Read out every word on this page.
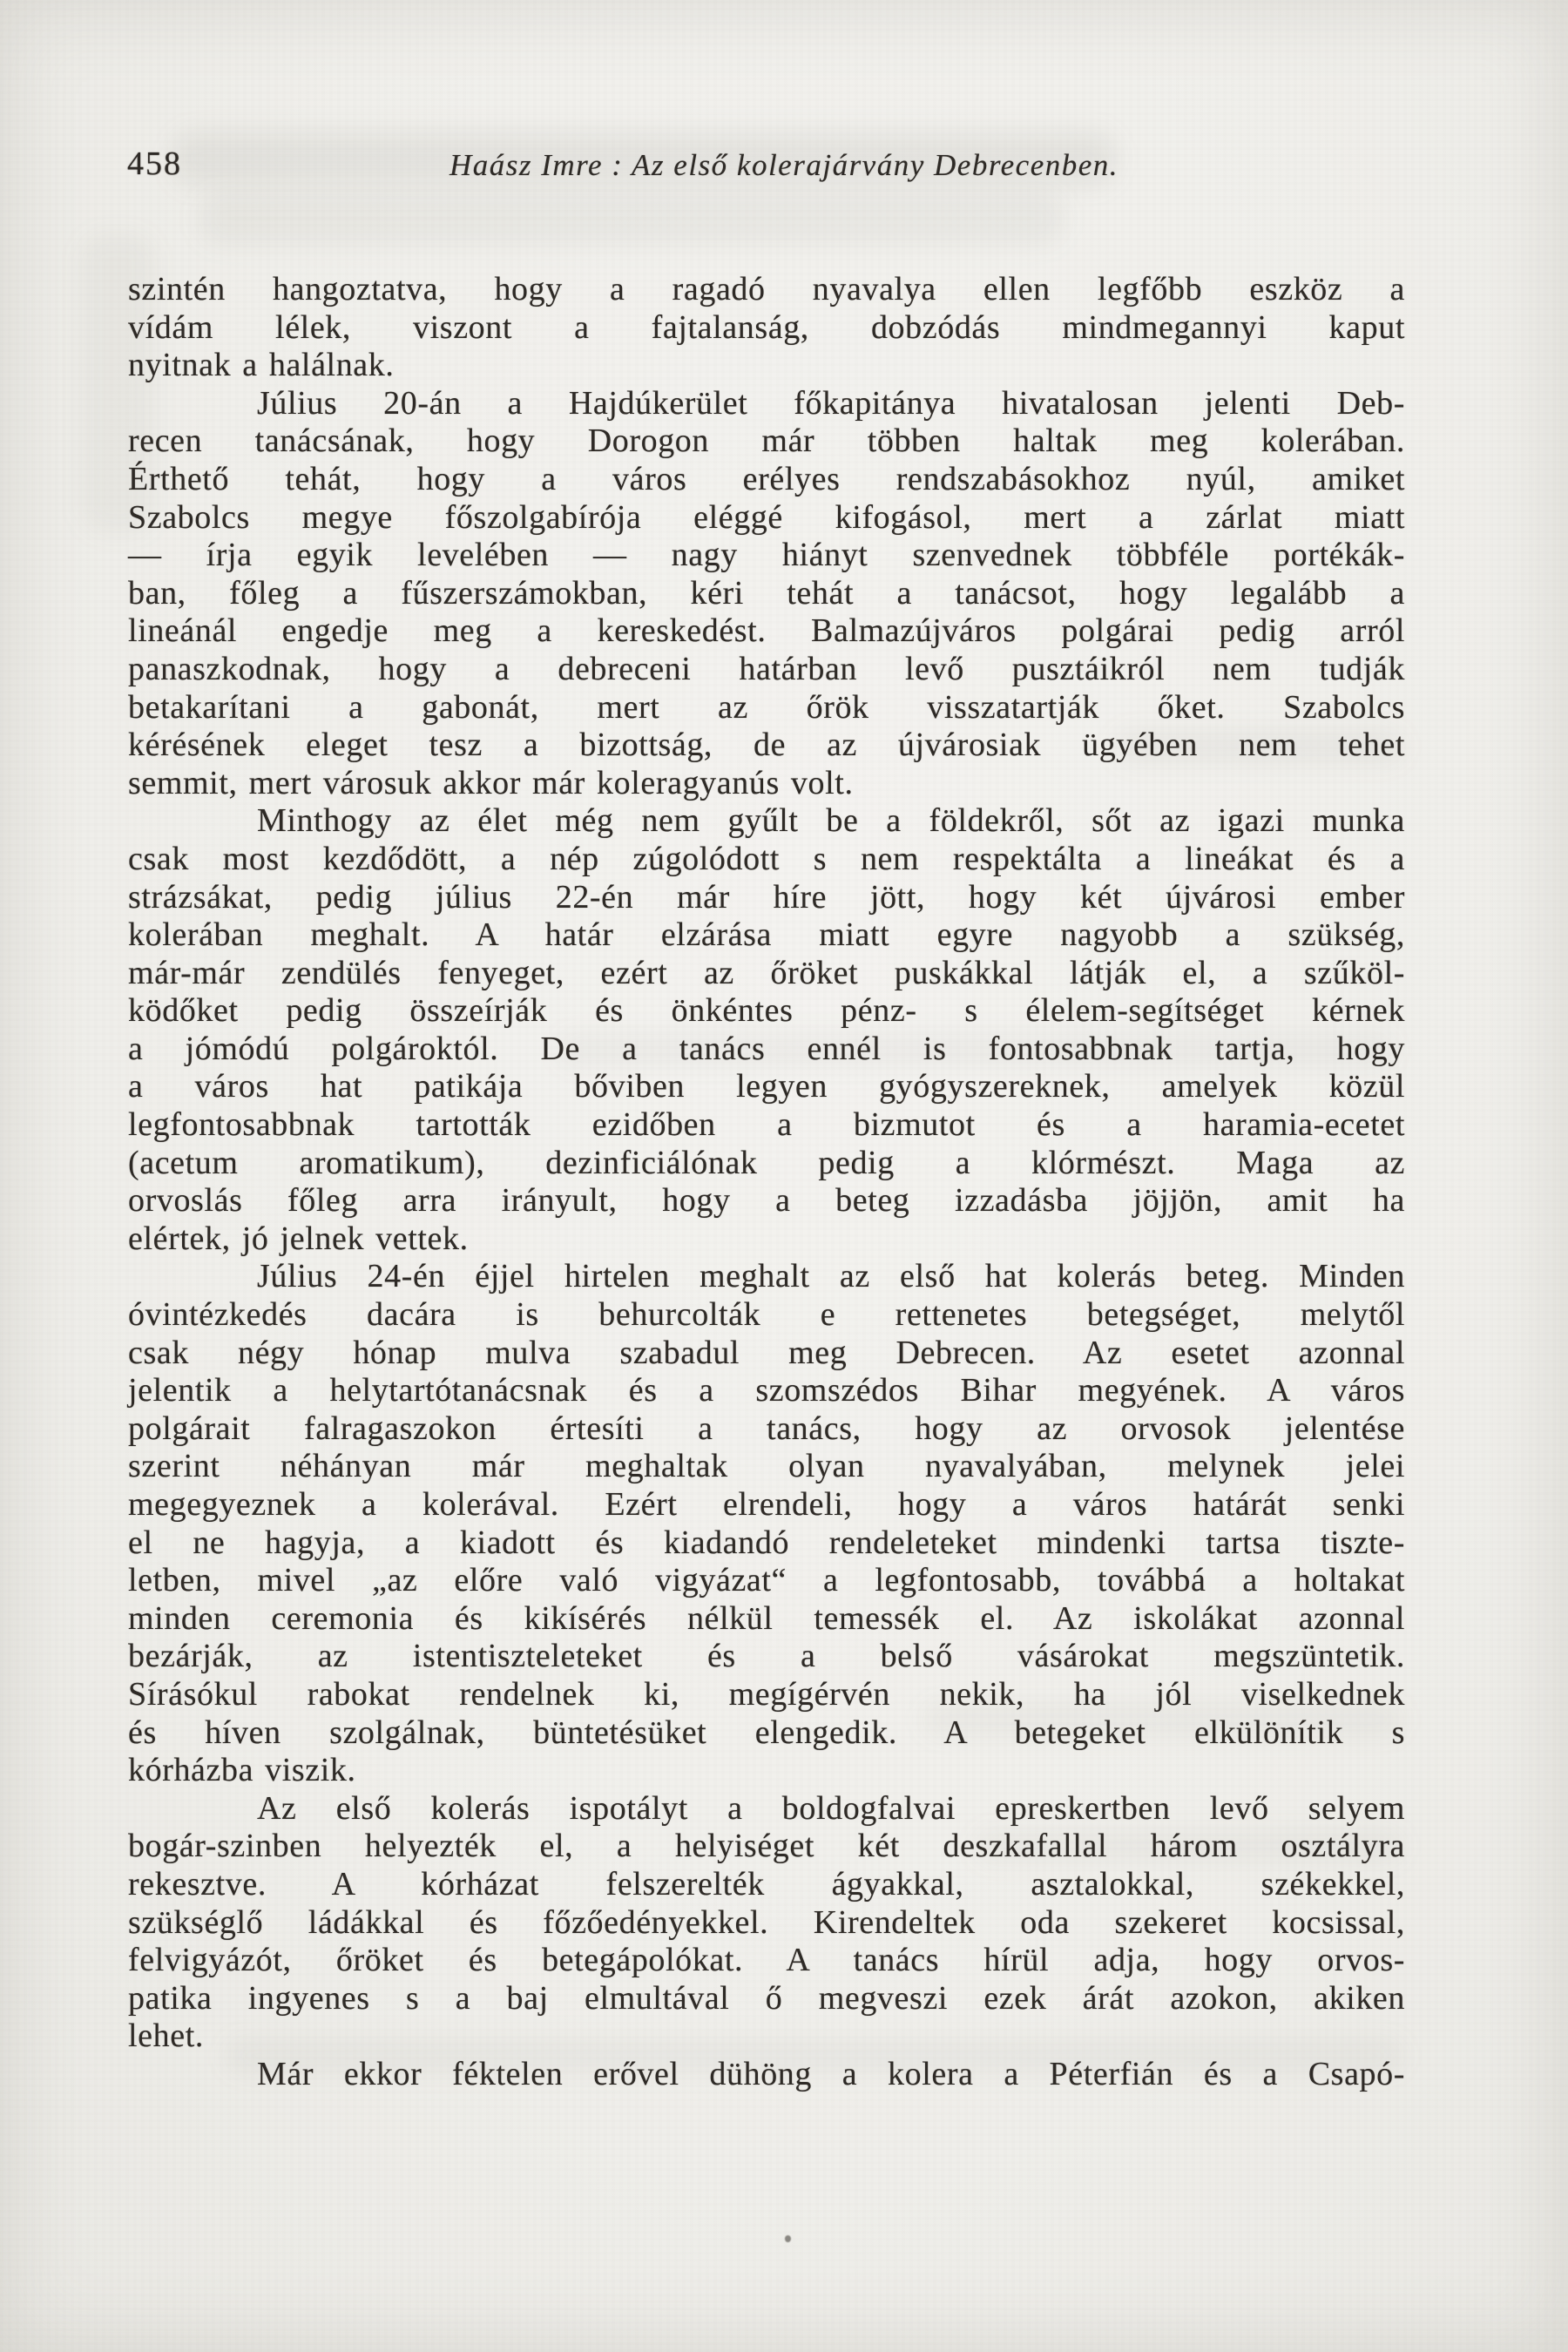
458	Haász Imre : Az első kolerajárvány Debrecenben.
szintén hangoztatva, hogy a ragadó nyavalya ellen legfőbb eszköz a
vídám lélek, viszont a fajtalanság, dobzódás mindmegannyi kaput
nyitnak a halálnak.
Július 20-án a Hajdúkerület főkapitánya hivatalosan jelenti Deb-
recen tanácsának, hogy Dorogon már többen haltak meg kolerában.
Érthető tehát, hogy a város erélyes rendszabásokhoz nyúl, amiket
Szabolcs megye főszolgabírója eléggé kifogásol, mert a zárlat miatt
— írja egyik levelében — nagy hiányt szenvednek többféle portékák-
ban, főleg a fűszerszámokban, kéri tehát a tanácsot, hogy legalább a
lineánál engedje meg a kereskedést. Balmazújváros polgárai pedig arról
panaszkodnak, hogy a debreceni határban levő pusztáikról nem tudják
betakarítani a gabonát, mert az őrök visszatartják őket. Szabolcs
kérésének eleget tesz a bizottság, de az újvárosiak ügyében nem tehet
semmit, mert városuk akkor már koleragyanús volt.
Minthogy az élet még nem gyűlt be a földekről, sőt az igazi munka
csak most kezdődött, a nép zúgolódott s nem respektálta a lineákat és a
strázsákat, pedig július 22-én már híre jött, hogy két újvárosi ember
kolerában meghalt. A határ elzárása miatt egyre nagyobb a szükség,
már-már zendülés fenyeget, ezért az őröket puskákkal látják el, a szűköl-
ködőket pedig összeírják és önkéntes pénz- s élelem-segítséget kérnek
a jómódú polgároktól. De a tanács ennél is fontosabbnak tartja, hogy
a város hat patikája bőviben legyen gyógyszereknek, amelyek közül
legfontosabbnak tartották ezidőben a bizmutot és a haramia-ecetet
(acetum aromatikum), dezinficiálónak pedig a klórmészt. Maga az
orvoslás főleg arra irányult, hogy a beteg izzadásba jöjjön, amit ha
elértek, jó jelnek vettek.
Július 24-én éjjel hirtelen meghalt az első hat kolerás beteg. Minden
óvintézkedés dacára is behurcolták e rettenetes betegséget, melytől
csak négy hónap mulva szabadul meg Debrecen. Az esetet azonnal
jelentik a helytartótanácsnak és a szomszédos Bihar megyének. A város
polgárait falragaszokon értesíti a tanács, hogy az orvosok jelentése
szerint néhányan már meghaltak olyan nyavalyában, melynek jelei
megegyeznek a kolerával. Ezért elrendeli, hogy a város határát senki
el ne hagyja, a kiadott és kiadandó rendeleteket mindenki tartsa tiszte-
letben, mivel „az előre való vigyázat“ a legfontosabb, továbbá a holtakat
minden ceremonia és kikísérés nélkül temessék el. Az iskolákat azonnal
bezárják, az istentiszteleteket és a belső vásárokat megszüntetik.
Sírásókul rabokat rendelnek ki, megígérvén nekik, ha jól viselkednek
és híven szolgálnak, büntetésüket elengedik. A betegeket elkülönítik s
kórházba viszik.
Az első kolerás ispotályt a boldogfalvai epreskertben levő selyem
bogár-szinben helyezték el, a helyiséget két deszkafallal három osztályra
rekesztve. A kórházat felszerelték ágyakkal, asztalokkal, székekkel,
szükséglő ládákkal és főzőedényekkel. Kirendeltek oda szekeret kocsissal,
felvigyázót, őröket és betegápolókat. A tanács hírül adja, hogy orvos-
patika ingyenes s a baj elmultával ő megveszi ezek árát azokon, akiken
lehet.
Már ekkor féktelen erővel dühöng a kolera a Péterfián és a Csapó-
